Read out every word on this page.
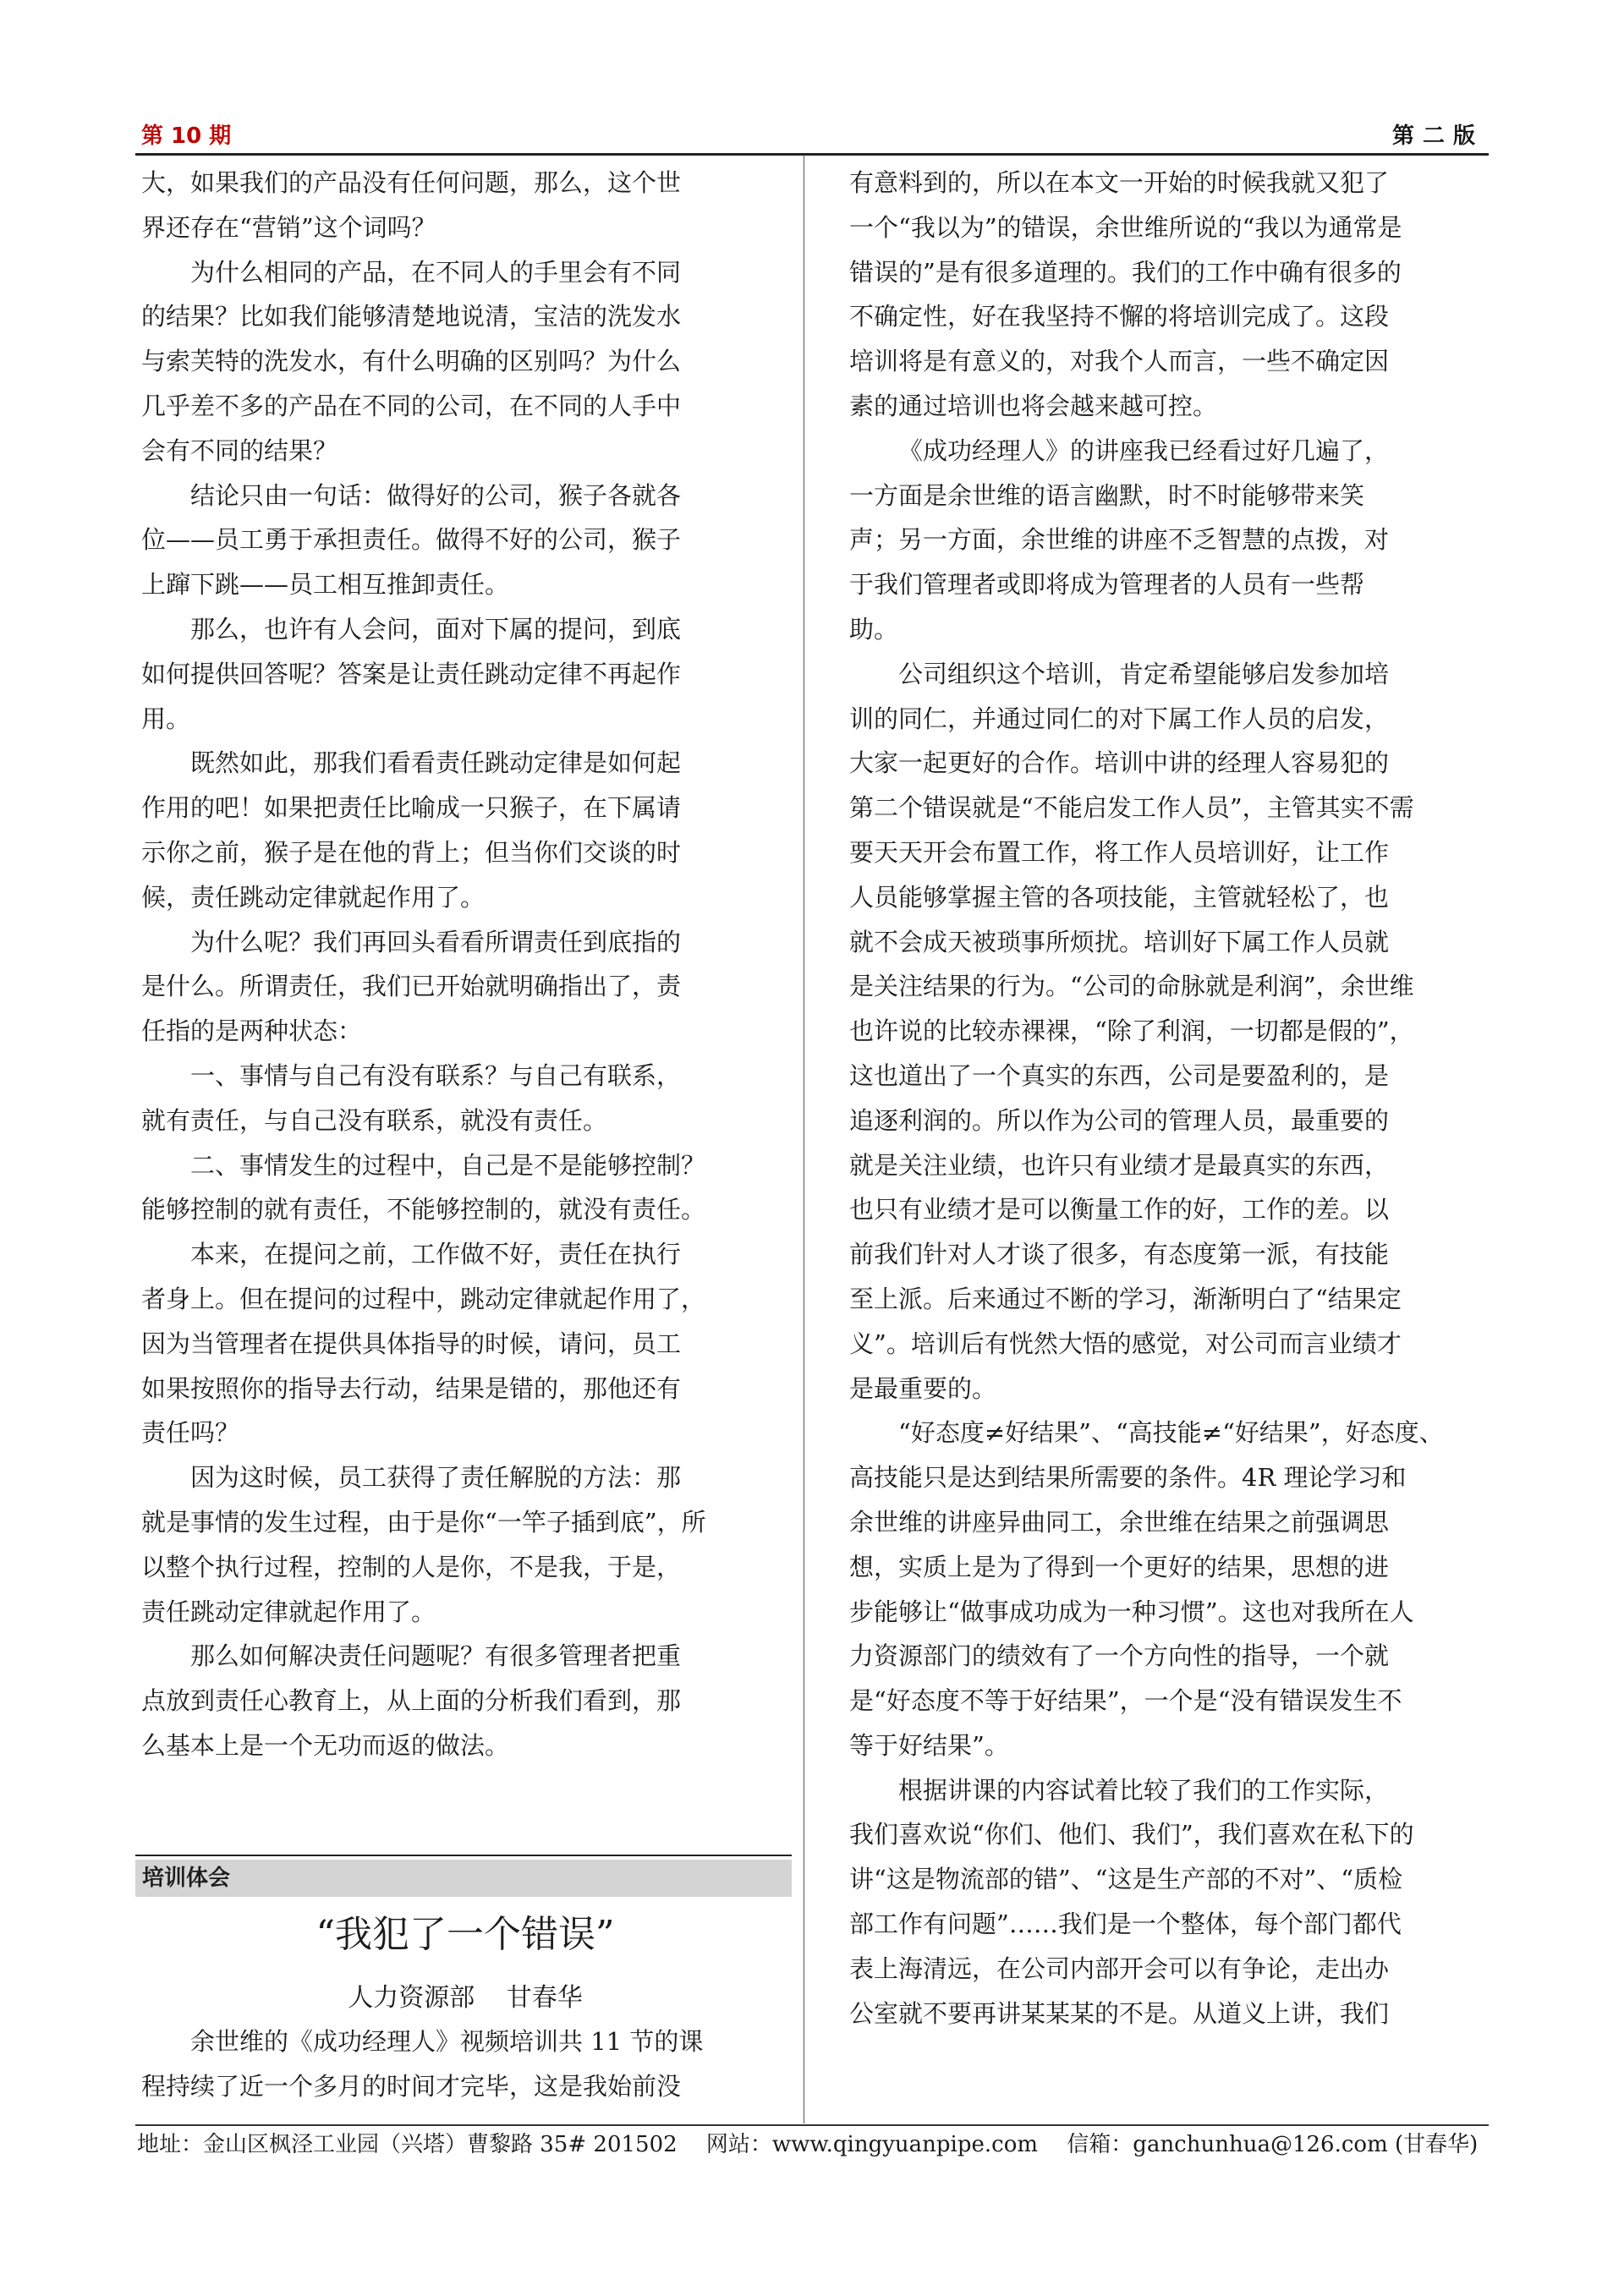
第 10 期	第二版
大，如果我们的产品没有任何问题，那么，这个世
界还存在“营销”这个词吗？
为什么相同的产品，在不同人的手里会有不同
的结果？比如我们能够清楚地说清，宝洁的洗发水
与索芙特的洗发水，有什么明确的区别吗？为什么
几乎差不多的产品在不同的公司，在不同的人手中
会有不同的结果？
结论只由一句话：做得好的公司，猴子各就各
位——员工勇于承担责任。做得不好的公司，猴子
上蹿下跳——员工相互推卸责任。
那么，也许有人会问，面对下属的提问，到底
如何提供回答呢？答案是让责任跳动定律不再起作
用。
既然如此，那我们看看责任跳动定律是如何起
作用的吧！如果把责任比喻成一只猴子，在下属请
示你之前，猴子是在他的背上；但当你们交谈的时
候，责任跳动定律就起作用了。
为什么呢？我们再回头看看所谓责任到底指的
是什么。所谓责任，我们已开始就明确指出了，责
任指的是两种状态：
一、事情与自己有没有联系？与自己有联系，
就有责任，与自己没有联系，就没有责任。
二、事情发生的过程中，自己是不是能够控制？
能够控制的就有责任，不能够控制的，就没有责任。
本来，在提问之前，工作做不好，责任在执行
者身上。但在提问的过程中，跳动定律就起作用了，
因为当管理者在提供具体指导的时候，请问，员工
如果按照你的指导去行动，结果是错的，那他还有
责任吗？
因为这时候，员工获得了责任解脱的方法：那
就是事情的发生过程，由于是你“一竿子插到底”，所
以整个执行过程，控制的人是你，不是我，于是，
责任跳动定律就起作用了。
那么如何解决责任问题呢？有很多管理者把重
点放到责任心教育上，从上面的分析我们看到，那
么基本上是一个无功而返的做法。
有意料到的，所以在本文一开始的时候我就又犯了
一个“我以为”的错误，余世维所说的“我以为通常是
错误的”是有很多道理的。我们的工作中确有很多的
不确定性，好在我坚持不懈的将培训完成了。这段
培训将是有意义的，对我个人而言，一些不确定因
素的通过培训也将会越来越可控。
《成功经理人》的讲座我已经看过好几遍了，
一方面是余世维的语言幽默，时不时能够带来笑
声；另一方面，余世维的讲座不乏智慧的点拨，对
于我们管理者或即将成为管理者的人员有一些帮
助。
公司组织这个培训，肯定希望能够启发参加培
训的同仁，并通过同仁的对下属工作人员的启发，
大家一起更好的合作。培训中讲的经理人容易犯的
第二个错误就是“不能启发工作人员”，主管其实不需
要天天开会布置工作，将工作人员培训好，让工作
人员能够掌握主管的各项技能，主管就轻松了，也
就不会成天被琐事所烦扰。培训好下属工作人员就
是关注结果的行为。“公司的命脉就是利润”，余世维
也许说的比较赤裸裸，“除了利润，一切都是假的”，
这也道出了一个真实的东西，公司是要盈利的，是
追逐利润的。所以作为公司的管理人员，最重要的
就是关注业绩，也许只有业绩才是最真实的东西，
也只有业绩才是可以衡量工作的好，工作的差。以
前我们针对人才谈了很多，有态度第一派，有技能
至上派。后来通过不断的学习，渐渐明白了“结果定
义”。培训后有恍然大悟的感觉，对公司而言业绩才
是最重要的。
“好态度≠好结果”、“高技能≠“好结果”，好态度、
高技能只是达到结果所需要的条件。4R 理论学习和
余世维的讲座异曲同工，余世维在结果之前强调思
想，实质上是为了得到一个更好的结果，思想的进
步能够让“做事成功成为一种习惯”。这也对我所在人
力资源部门的绩效有了一个方向性的指导，一个就
是“好态度不等于好结果”，一个是“没有错误发生不
等于好结果”。
根据讲课的内容试着比较了我们的工作实际，
我们喜欢说“你们、他们、我们”，我们喜欢在私下的
讲“这是物流部的错”、“这是生产部的不对”、“质检
部工作有问题”……我们是一个整体，每个部门都代
表上海清远，在公司内部开会可以有争论，走出办
公室就不要再讲某某某的不是。从道义上讲，我们
培训体会
“我犯了一个错误”
人力资源部 甘春华
余世维的《成功经理人》视频培训共 11 节的课
程持续了近一个多月的时间才完毕，这是我始前没
地址：金山区枫泾工业园（兴塔）曹黎路 35# 201502 网站：www.qingyuanpipe.com 信箱：ganchunhua@126.com (甘春华)
